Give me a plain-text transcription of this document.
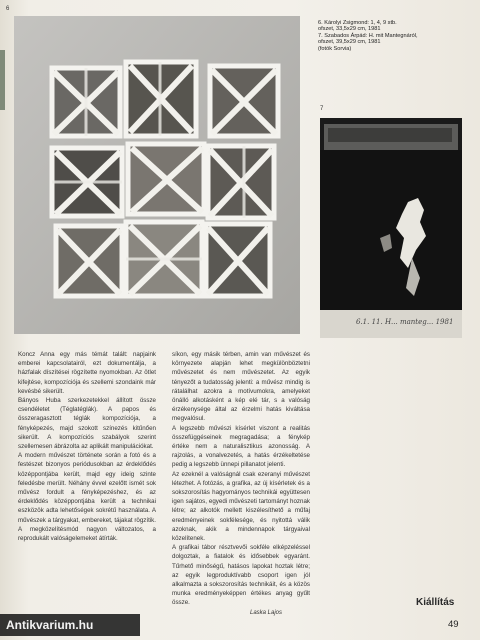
6
6. Károlyi Zsigmond: 1, 4, 9 stb.
ofszet, 33,5x29 cm, 1981
7. Szabados Árpád: H. mit Mantegnáról,
ofszet, 39,5x29 cm, 1981
(fotók Sorvia)
7
6.1. 11. H... manteg... 1981

Koncz Anna egy más témát talált: napjaink emberei kapcsolatairól, ezt dokumentálja, a házfalak díszítései rögzítette nyomokban. Az ötlet kifejtése, kompozíciója és szellemi szondaink már kevésbé sikerült.

Bányos Huba szerkezetekkel állított össze csendéletet (Téglatéglák). A papos és összeragasztott téglák kompozíciója, a fényképezés, majd szokott színezés kitűnően sikerült. A kompozíciós szabályok szerint szellemesen ábrázolta az aplikált manipulációkat.

A modern művészet története során a fotó és a festészet bizonyos periódusokban az érdeklődés középpontjába került, majd egy ideig szinte feledésbe merült. Néhány évvel ezelőtt ismét sok művész fordult a fényképezéshez, és az érdeklődés középpontjába került a technikai eszközök adta lehetőségek sokrétű használata. A művészek a tárgyakat, embereket, tájakat rögzítik. A megközelítésmód nagyon változatos, a reprodukált valóságelemeket átírták.

síkon, egy másik térben, amin van művészet és környezete alapján lehet megkülönböztetni művészetet és nem művészetet. Az egyik tényezőt a tudatosság jelenti: a művész mindig is rátalálhat azokra a motívumokra, amelyeket önálló alkotásként a kép elé tár, s a valóság érzékenysége által az érzelmi hatás kiváltása megvalósul.

A legszebb művészi kísérlet viszont a realitás összefüggéseinek megragadása; a fénykép értéke nem a naturalisztikus azonosság. A rajzolás, a vonalvezetés, a hatás érzékeltetése pedig a legszebb ünnepi pillanatot jelenti.

Az ezeknél a valóságnál csak ezeranyi művészet létezhet. A fotózás, a grafika, az új kísérletek és a sokszorosítás hagyományos technikái együttesen igen sajátos, egyedi művészeti tartományt hoznak létre; az alkotók mellett kiszélesíthető a műfaj eredményeinek sokfélesége, és nyitottá válik azoknak, akik a mindennapok tárgyaival közelítenek.

A grafikai tábor résztvevői sokféle elképzeléssel dolgoztak, a fiatalok és idősebbek egyaránt. Tűrhető minőségű, hatásos lapokat hoztak létre; az egyik legproduktívabb csoport igen jól alkalmazta a sokszorosítás technikáit, és a közös munka eredményeképpen értékes anyag gyűlt össze.

Laska Lajos
Kiállítás
49
Antikvarium.hu
